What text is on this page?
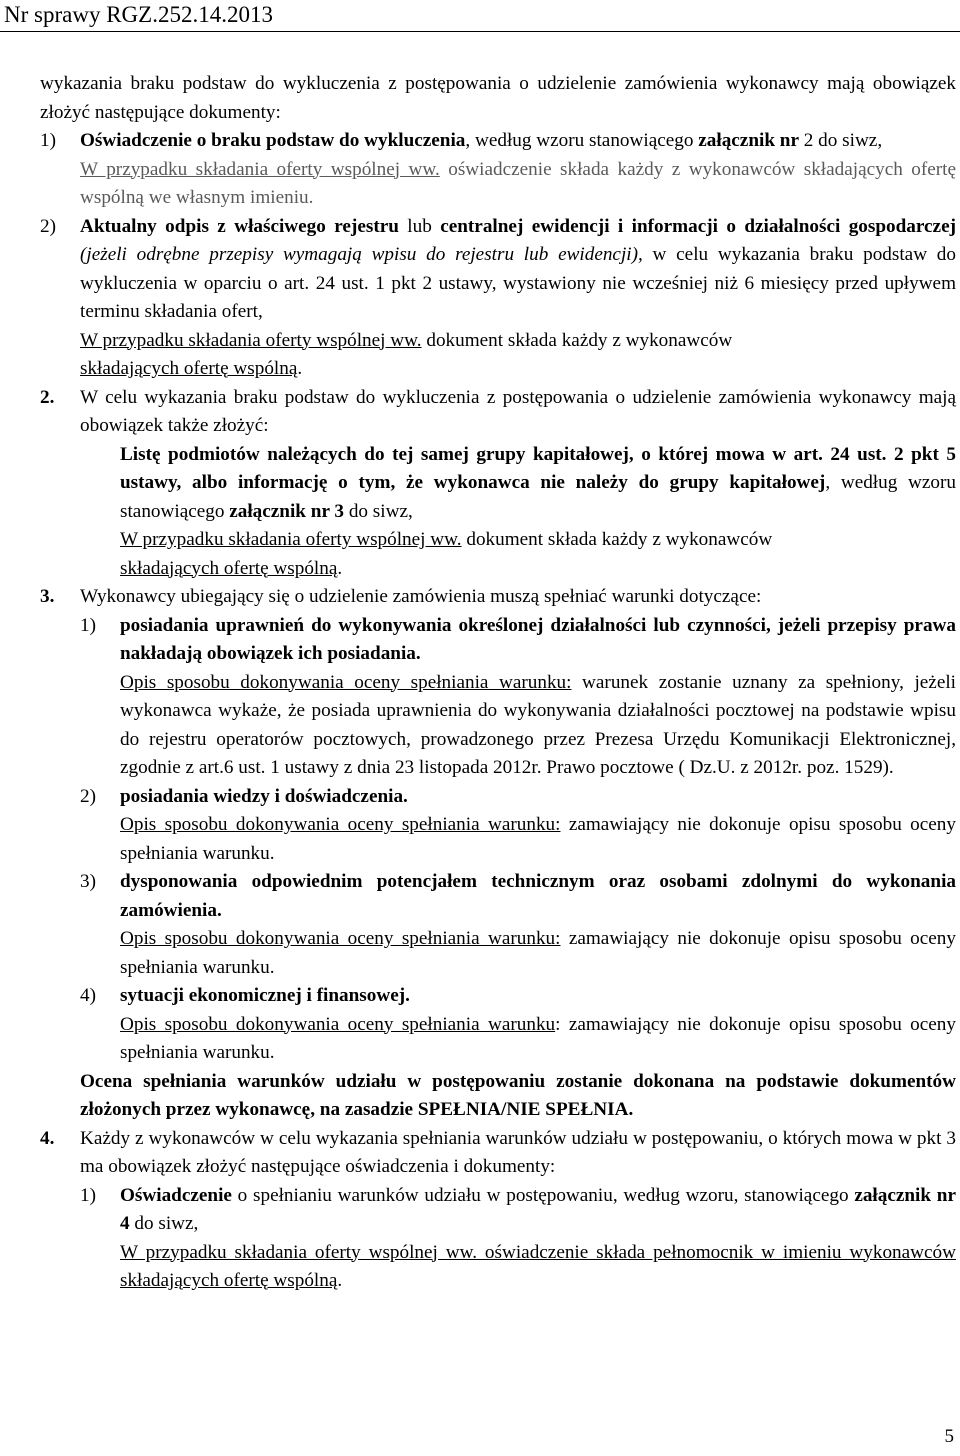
Nr sprawy RGZ.252.14.2013

wykazania braku podstaw do wykluczenia z postępowania o udzielenie zamówienia wykonawcy mają obowiązek złożyć następujące dokumenty:

1)	Oświadczenie o braku podstaw do wykluczenia, według wzoru stanowiącego załącznik nr 2 do siwz,

W przypadku składania oferty wspólnej ww. oświadczenie składa każdy z wykonawców składających ofertę wspólną we własnym imieniu.

2)	Aktualny odpis z właściwego rejestru lub centralnej ewidencji i informacji o działalności gospodarczej (jeżeli odrębne przepisy wymagają wpisu do rejestru lub ewidencji), w celu wykazania braku podstaw do wykluczenia w oparciu o art. 24 ust. 1 pkt 2 ustawy, wystawiony nie wcześniej niż 6 miesięcy przed upływem terminu składania ofert,

W przypadku składania oferty wspólnej ww. dokument składa każdy z wykonawców
składających ofertę wspólną.

2.	W celu wykazania braku podstaw do wykluczenia z postępowania o udzielenie zamówienia wykonawcy mają obowiązek także złożyć:

Listę podmiotów należących do tej samej grupy kapitałowej, o której mowa w art. 24 ust. 2 pkt 5 ustawy, albo informację o tym, że wykonawca nie należy do grupy kapitałowej, według wzoru stanowiącego załącznik nr 3 do siwz,

W przypadku składania oferty wspólnej ww. dokument składa każdy z wykonawców
składających ofertę wspólną.

3.	Wykonawcy ubiegający się o udzielenie zamówienia muszą spełniać warunki dotyczące:

1)	posiadania uprawnień do wykonywania określonej działalności lub czynności, jeżeli przepisy prawa nakładają obowiązek ich posiadania.

Opis sposobu dokonywania oceny spełniania warunku: warunek zostanie uznany za spełniony, jeżeli wykonawca wykaże, że posiada uprawnienia do wykonywania działalności pocztowej na podstawie wpisu do rejestru operatorów pocztowych, prowadzonego przez Prezesa Urzędu Komunikacji Elektronicznej, zgodnie z art.6 ust. 1 ustawy z dnia 23 listopada 2012r. Prawo pocztowe ( Dz.U. z 2012r. poz. 1529).

2)	posiadania wiedzy i doświadczenia.

Opis sposobu dokonywania oceny spełniania warunku: zamawiający nie dokonuje opisu sposobu oceny spełniania warunku.

3)	dysponowania odpowiednim potencjałem technicznym oraz osobami zdolnymi do wykonania zamówienia.

Opis sposobu dokonywania oceny spełniania warunku: zamawiający nie dokonuje opisu sposobu oceny spełniania warunku.

4)	sytuacji ekonomicznej i finansowej.

Opis sposobu dokonywania oceny spełniania warunku: zamawiający nie dokonuje opisu sposobu oceny spełniania warunku.

Ocena spełniania warunków udziału w postępowaniu zostanie dokonana na podstawie dokumentów złożonych przez wykonawcę, na zasadzie SPEŁNIA/NIE SPEŁNIA.

4.	Każdy z wykonawców w celu wykazania spełniania warunków udziału w postępowaniu, o których mowa w pkt 3 ma obowiązek złożyć następujące oświadczenia i dokumenty:

1)	Oświadczenie o spełnianiu warunków udziału w postępowaniu, według wzoru, stanowiącego załącznik nr 4 do siwz,

W przypadku składania oferty wspólnej ww. oświadczenie składa pełnomocnik w imieniu wykonawców składających ofertę wspólną.

5
